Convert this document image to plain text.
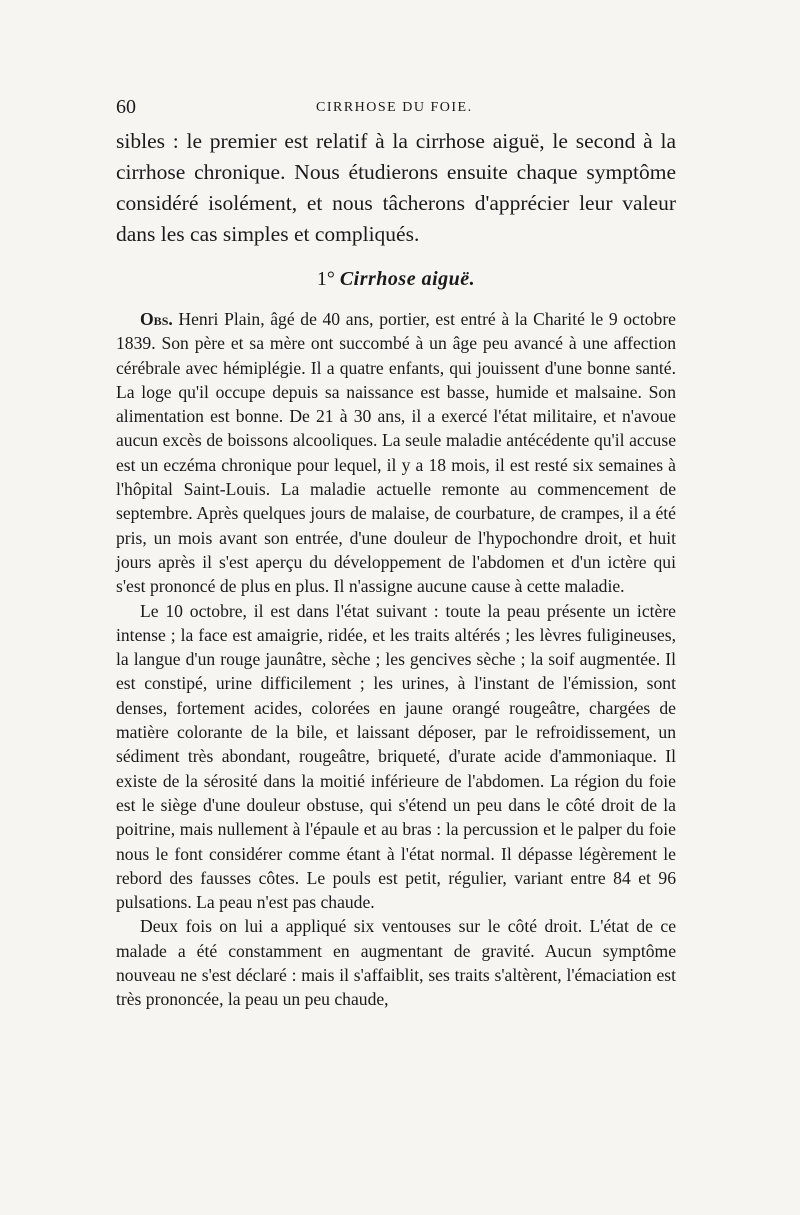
60	CIRRHOSE DU FOIE.

sibles : le premier est relatif à la cirrhose aiguë, le second à la cirrhose chronique. Nous étudierons ensuite chaque symptôme considéré isolément, et nous tâcherons d'apprécier leur valeur dans les cas simples et compliqués.

1° Cirrhose aiguë.

Obs. Henri Plain, âgé de 40 ans, portier, est entré à la Charité le 9 octobre 1839. Son père et sa mère ont succombé à un âge peu avancé à une affection cérébrale avec hémiplégie. Il a quatre enfants, qui jouissent d'une bonne santé. La loge qu'il occupe depuis sa naissance est basse, humide et malsaine. Son alimentation est bonne. De 21 à 30 ans, il a exercé l'état militaire, et n'avoue aucun excès de boissons alcooliques. La seule maladie antécédente qu'il accuse est un eczéma chronique pour lequel, il y a 18 mois, il est resté six semaines à l'hôpital Saint-Louis. La maladie actuelle remonte au commencement de septembre. Après quelques jours de malaise, de courbature, de crampes, il a été pris, un mois avant son entrée, d'une douleur de l'hypochondre droit, et huit jours après il s'est aperçu du développement de l'abdomen et d'un ictère qui s'est prononcé de plus en plus. Il n'assigne aucune cause à cette maladie.

Le 10 octobre, il est dans l'état suivant : toute la peau présente un ictère intense ; la face est amaigrie, ridée, et les traits altérés ; les lèvres fuligineuses, la langue d'un rouge jaunâtre, sèche ; les gencives sèche ; la soif augmentée. Il est constipé, urine difficilement ; les urines, à l'instant de l'émission, sont denses, fortement acides, colorées en jaune orangé rougeâtre, chargées de matière colorante de la bile, et laissant déposer, par le refroidissement, un sédiment très abondant, rougeâtre, briqueté, d'urate acide d'ammoniaque. Il existe de la sérosité dans la moitié inférieure de l'abdomen. La région du foie est le siège d'une douleur obstuse, qui s'étend un peu dans le côté droit de la poitrine, mais nullement à l'épaule et au bras : la percussion et le palper du foie nous le font considérer comme étant à l'état normal. Il dépasse légèrement le rebord des fausses côtes. Le pouls est petit, régulier, variant entre 84 et 96 pulsations. La peau n'est pas chaude.

Deux fois on lui a appliqué six ventouses sur le côté droit. L'état de ce malade a été constamment en augmentant de gravité. Aucun symptôme nouveau ne s'est déclaré : mais il s'affaiblit, ses traits s'altèrent, l'émaciation est très prononcée, la peau un peu chaude,
